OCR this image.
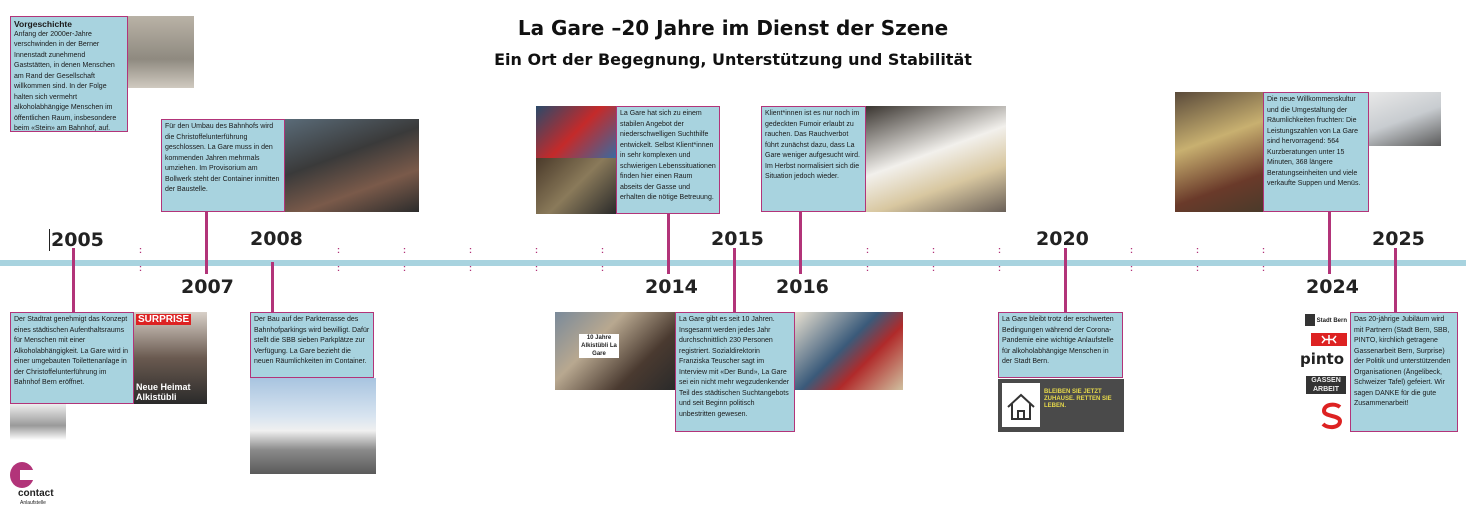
La Gare –20 Jahre im Dienst der Szene
Ein Ort der Begegnung, Unterstützung und Stabilität
:

:
:

:
:

:
:

:
:

:
:

:
:

:
:

:
:

:
:

:
:

:
:

:
2005
2007
2008
2014
2015
2016
2020
2024
2025
Vorgeschichte
Anfang der 2000er-Jahre verschwinden in der Berner Innenstadt zunehmend Gaststätten, in denen Menschen am Rand der Gesellschaft willkommen sind. In der Folge halten sich vermehrt alkoholabhängige Menschen im öffentlichen Raum, insbesondere beim «Stein» am Bahnhof, auf.	Für den Umbau des Bahnhofs wird die Christoffelunterführung geschlossen. La Gare muss in den kommenden Jahren mehrmals umziehen. Im Provisorium am Bollwerk steht der Container inmitten der Baustelle.
La Gare hat sich zu einem stabilen Angebot der niederschwelligen Suchthilfe entwickelt. Selbst Klient*innen in sehr komplexen und schwierigen Lebenssituationen finden hier einen Raum abseits der Gasse und erhalten die nötige Betreuung.
Klient*innen ist es nur noch im gedeckten Fumoir erlaubt zu rauchen. Das Rauchverbot führt zunächst dazu, dass La Gare weniger aufgesucht wird. Im Herbst normalisiert sich die Situation jedoch wieder.
Die neue Willkommenskultur und die Umgestaltung der Räumlichkeiten fruchten: Die Leistungszahlen von La Gare sind hervorragend: 564 Kurzberatungen unter 15 Minuten, 368 längere Beratungseinheiten und viele verkaufte Suppen und Menüs.
Der Stadtrat genehmigt das Konzept eines städtischen Aufenthaltsraums für Menschen mit einer Alkoholabhängigkeit. La Gare wird in einer umgebauten Toilettenanlage in der Christoffelunterführung im Bahnhof Bern eröffnet.
SURPRISE
Neue Heimat Alkistübli
Der Bau auf der Parkterrasse des Bahnhofparkings wird bewilligt. Dafür stellt die SBB sieben Parkplätze zur Verfügung. La Gare bezieht die neuen Räumlichkeiten im Container.
10 Jahre Alkistübli La Gare
La Gare gibt es seit 10 Jahren. Insgesamt werden jedes Jahr durchschnittlich 230 Personen registriert. Sozialdirektorin Franziska Teuscher sagt im Interview mit «Der Bund», La Gare sei ein nicht mehr wegzudenkender Teil des städtischen Suchtangebots und seit Beginn politisch unbestritten gewesen.
La Gare bleibt trotz der erschwerten Bedingungen während der Corona-Pandemie eine wichtige Anlaufstelle für alkoholabhängige Menschen in der Stadt Bern.
BLEIBEN SIE JETZT ZUHAUSE. RETTEN SIE LEBEN.
Stadt Bern
pinto
GASSEN ARBEIT
Das 20-jährige Jubiläum wird mit Partnern (Stadt Bern, SBB, PINTO, kirchlich getragene Gassenarbeit Bern, Surprise) der Politik und unterstützenden Organisationen (Ängelibeck, Schweizer Tafel) gefeiert. Wir sagen DANKE für die gute Zusammenarbeit!
contact
Anlaufstelle
